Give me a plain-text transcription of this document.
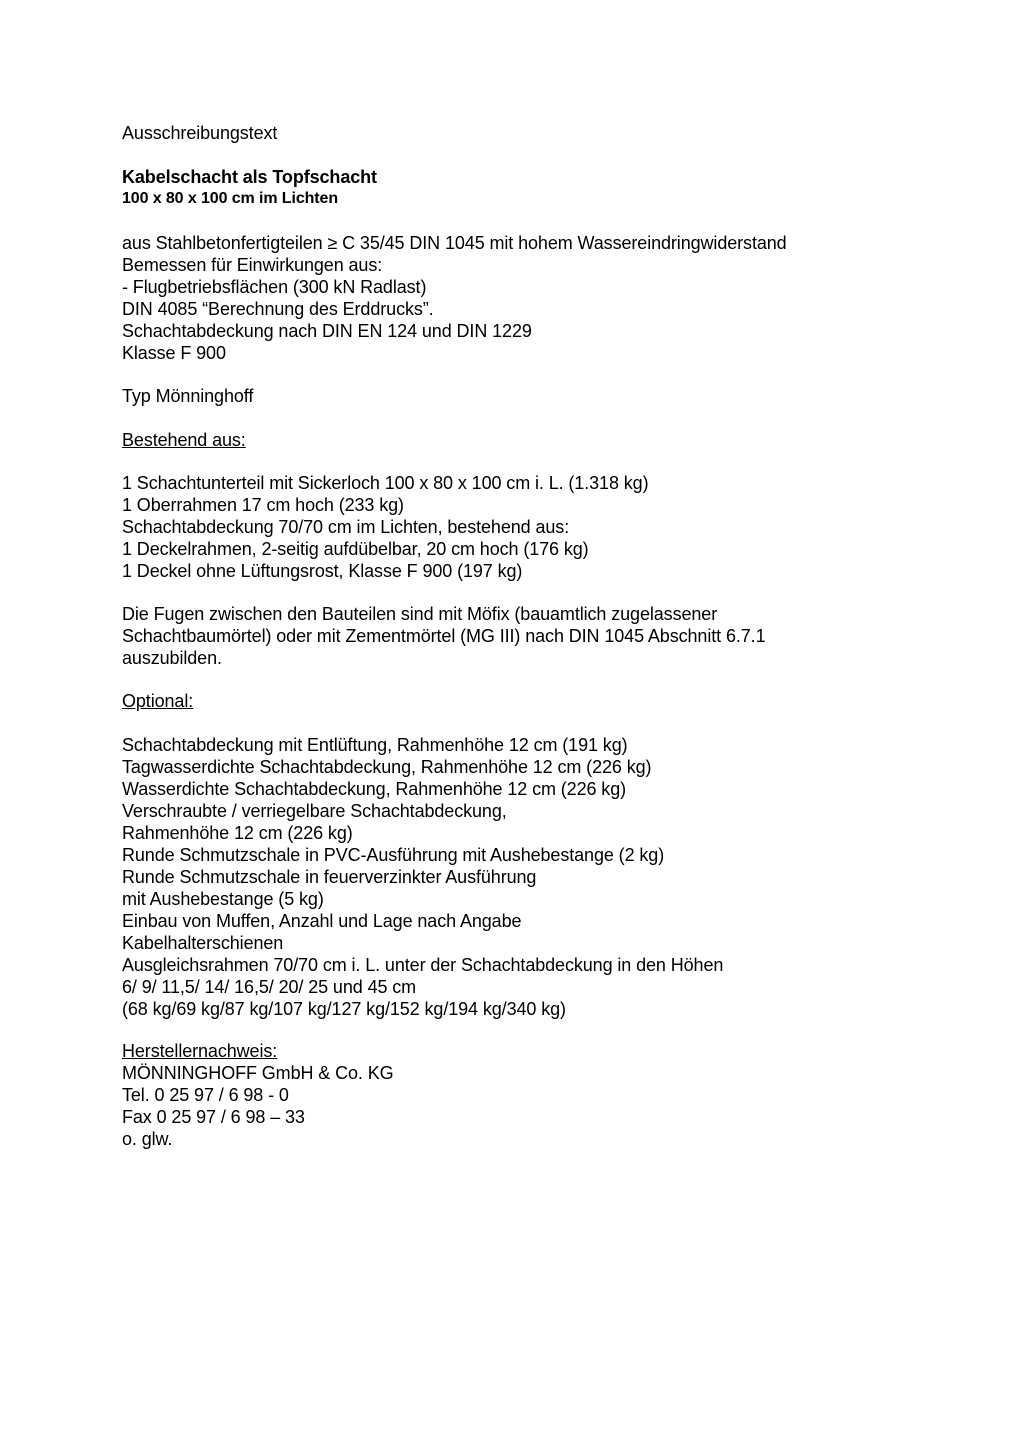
Ausschreibungstext
Kabelschacht als Topfschacht
100 x 80 x 100 cm im Lichten
aus Stahlbetonfertigteilen ≥ C 35/45 DIN 1045 mit hohem Wassereindringwiderstand
Bemessen für Einwirkungen aus:
- Flugbetriebsflächen (300 kN Radlast)
DIN 4085 “Berechnung des Erddrucks”.
Schachtabdeckung nach DIN EN 124 und DIN 1229
Klasse F 900
Typ Mönninghoff
Bestehend aus:
1 Schachtunterteil mit Sickerloch 100 x 80 x 100 cm i. L. (1.318 kg)
1 Oberrahmen 17 cm hoch (233 kg)
Schachtabdeckung 70/70 cm im Lichten, bestehend aus:
1 Deckelrahmen, 2-seitig aufdübelbar, 20 cm hoch (176 kg)
1 Deckel ohne Lüftungsrost, Klasse F 900 (197 kg)
Die Fugen zwischen den Bauteilen sind mit Möfix (bauamtlich zugelassener
Schachtbaumörtel) oder mit Zementmörtel (MG III) nach DIN 1045 Abschnitt 6.7.1
auszubilden.
Optional:
Schachtabdeckung mit Entlüftung, Rahmenhöhe 12 cm (191 kg)
Tagwasserdichte Schachtabdeckung, Rahmenhöhe 12 cm (226 kg)
Wasserdichte Schachtabdeckung, Rahmenhöhe 12 cm (226 kg)
Verschraubte / verriegelbare Schachtabdeckung,
Rahmenhöhe 12 cm (226 kg)
Runde Schmutzschale in PVC-Ausführung mit Aushebestange (2 kg)
Runde Schmutzschale in feuerverzinkter Ausführung
mit Aushebestange (5 kg)
Einbau von Muffen, Anzahl und Lage nach Angabe
Kabelhalterschienen
Ausgleichsrahmen 70/70 cm i. L. unter der Schachtabdeckung in den Höhen
6/ 9/ 11,5/ 14/ 16,5/ 20/ 25 und 45 cm
(68 kg/69 kg/87 kg/107 kg/127 kg/152 kg/194 kg/340 kg)
Herstellernachweis:
MÖNNINGHOFF GmbH & Co. KG
Tel. 0 25 97 / 6 98 - 0
Fax 0 25 97 / 6 98 – 33
o. glw.
